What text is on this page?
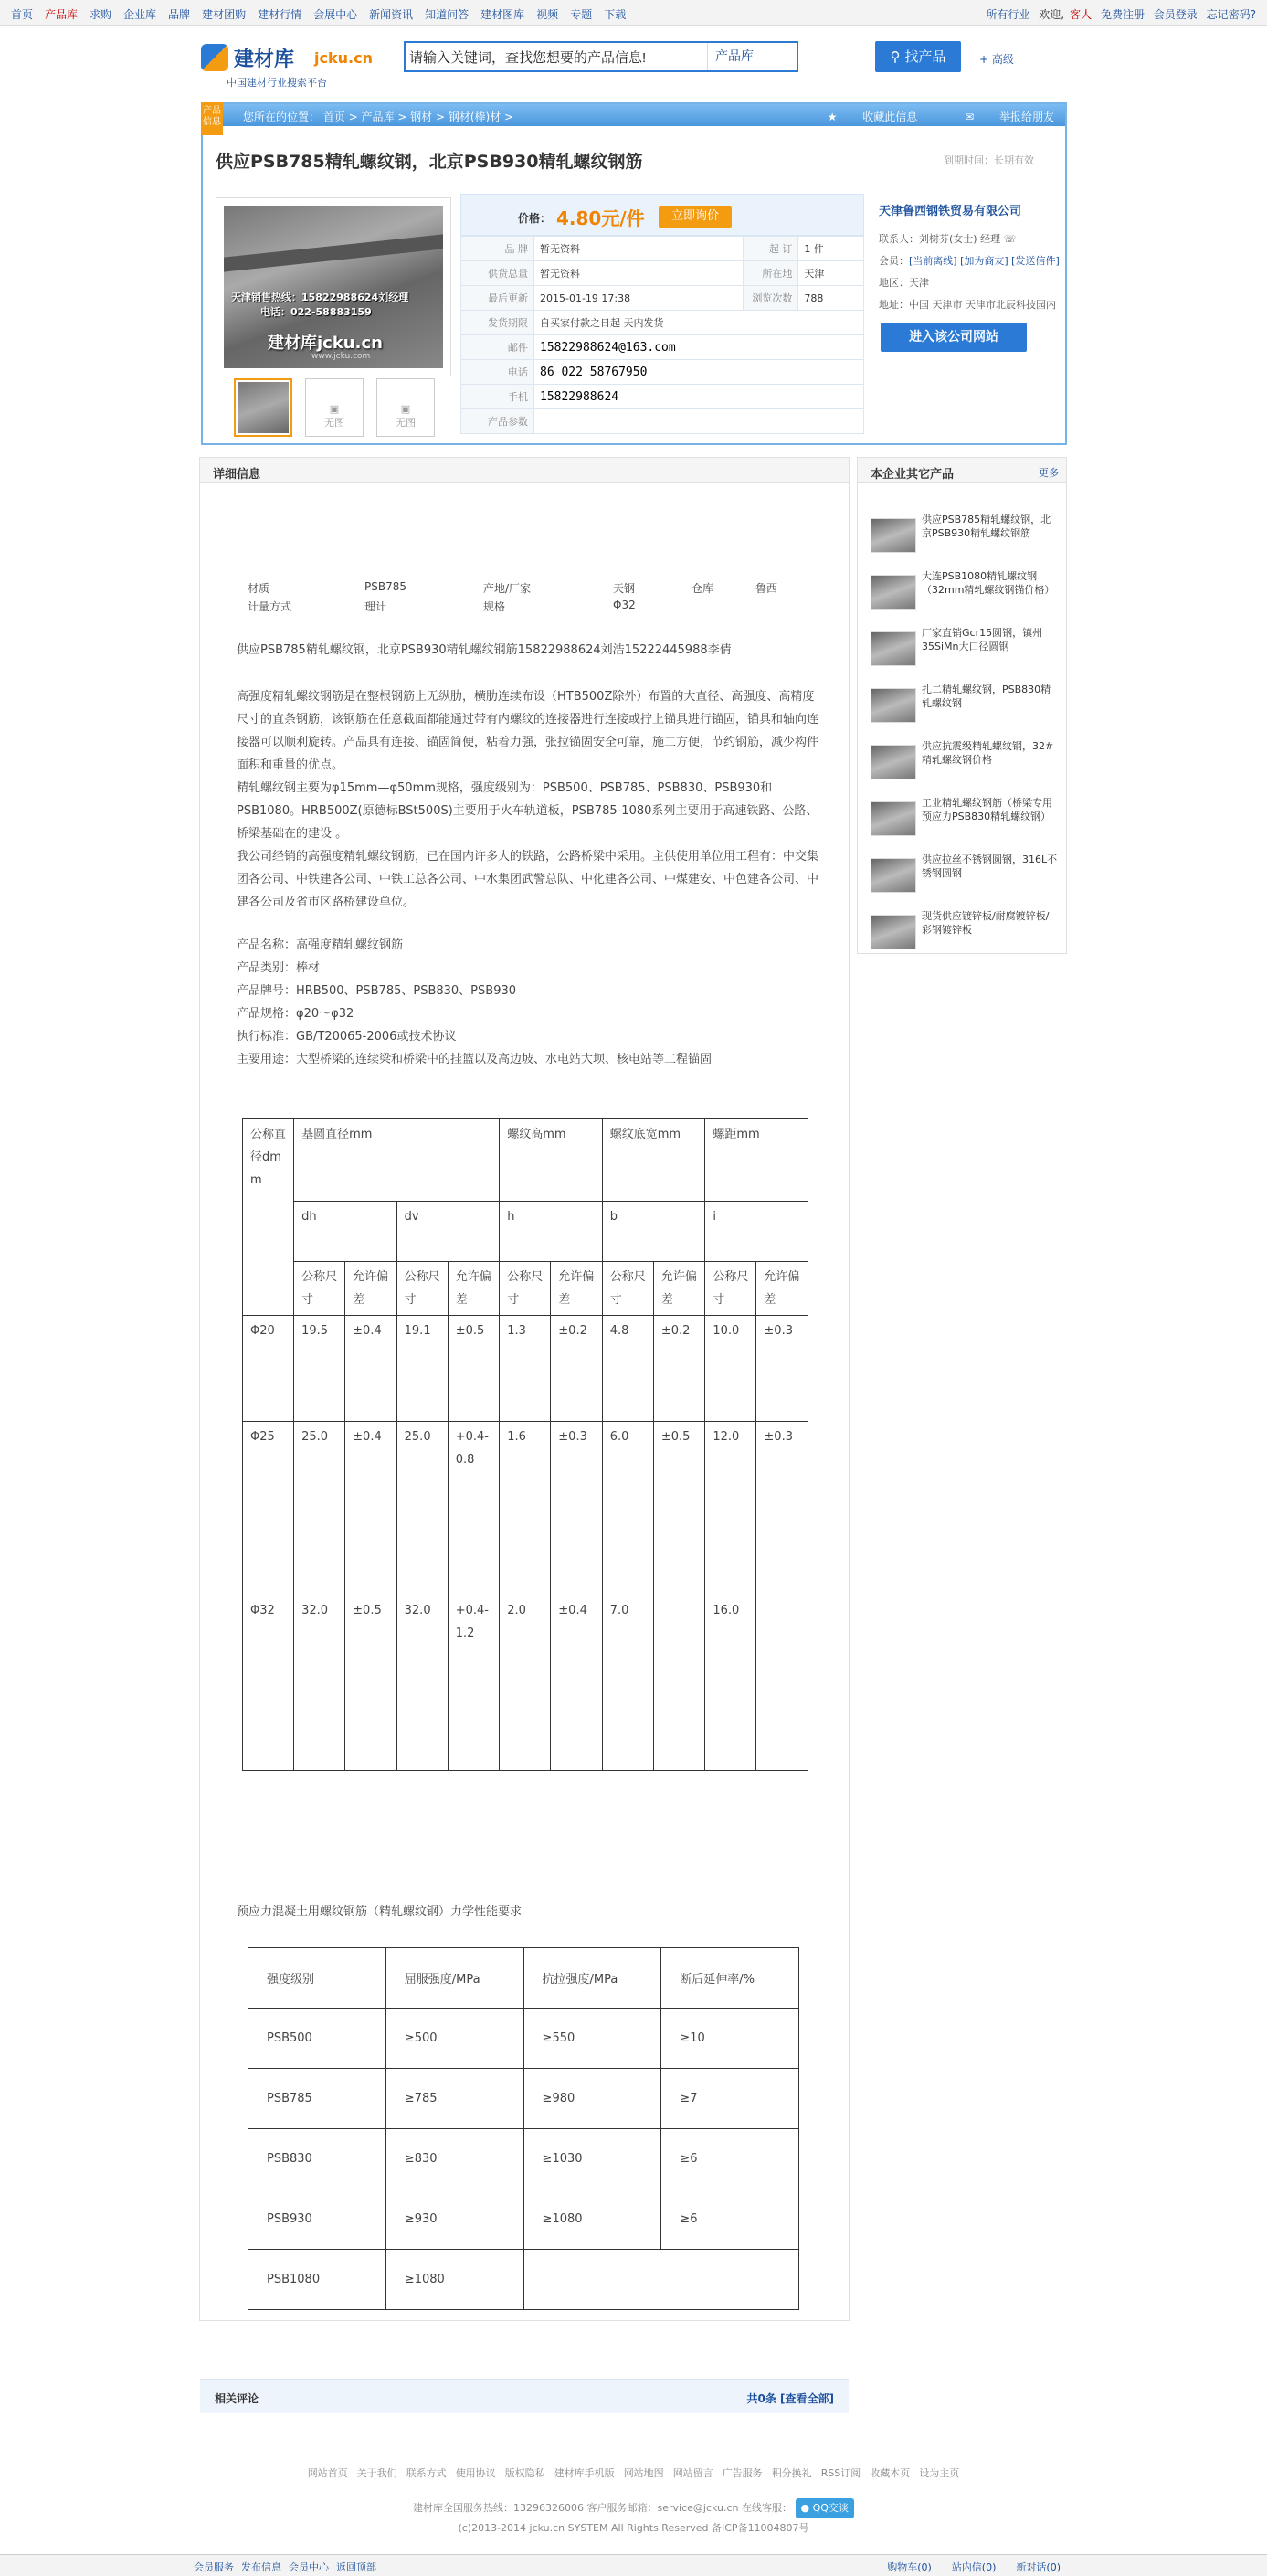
首页 产品库 求购 企业库 品牌 建材团购 建材行情 会展中心 新闻资讯 知道问答 建材图库 视频 专题 下载	所有行业 欢迎, 客人 免费注册 会员登录 忘记密码?
建材库 jcku.cn
中国建材行业搜索平台
请输入关键词，查找您想要的产品信息!
产品库	⚲ 找产品	+ 高级
产品信息 您所在的位置： 首页 > 产品库 > 钢材 > 钢材(棒)材 >	★ 收藏此信息	✉ 举报给朋友
供应PSB785精轧螺纹钢，北京PSB930精轧螺纹钢筋	到期时间：长期有效
天津销售热线：15822988624刘经理
电话：022-58883159
建材库jcku.cn
www.jcku.com
▣
无图
▣
无图
价格： 4.80元/件	立即询价
品 牌	暂无资料	起 订	1 件
供货总量	暂无资料	所在地	天津
最后更新	2015-01-19 17:38	浏览次数	788
发货期限	自买家付款之日起 天内发货		
邮件	15822988624@163.com		
电话	86 022 58767950		
手机	15822988624		
产品参数			
天津鲁西钢铁贸易有限公司
联系人：刘树芬(女士) 经理 ☏
会员：[当前离线] [加为商友] [发送信件]
地区：天津
地址：中国 天津市 天津市北辰科技园内
进入该公司网站
详细信息
材质	PSB785	产地/厂家	天钢	仓库	鲁西
计量方式	理计	规格	Φ32

供应PSB785精轧螺纹钢，北京PSB930精轧螺纹钢筋15822988624刘浩15222445988李倩

高强度精轧螺纹钢筋是在整根钢筋上无纵肋，横肋连续布设（HTB500Z除外）布置的大直径、高强度、高精度尺寸的直条钢筋，该钢筋在任意截面都能通过带有内螺纹的连接器进行连接或拧上锚具进行锚固，锚具和轴向连接器可以顺利旋转。产品具有连接、锚固简便，粘着力强，张拉锚固安全可靠，施工方便，节约钢筋，减少构件面积和重量的优点。

精轧螺纹钢主要为φ15mm—φ50mm规格，强度级别为：PSB500、PSB785、PSB830、PSB930和PSB1080。HRB500Z(原德标BSt500S)主要用于火车轨道板，PSB785-1080系列主要用于高速铁路、公路、桥梁基础在的建设 。

我公司经销的高强度精轧螺纹钢筋，已在国内许多大的铁路，公路桥梁中采用。主供使用单位用工程有：中交集团各公司、中铁建各公司、中铁工总各公司、中水集团武警总队、中化建各公司、中煤建安、中色建各公司、中建各公司及省市区路桥建设单位。

产品名称：高强度精轧螺纹钢筋

产品类别：棒材

产品牌号：HRB500、PSB785、PSB830、PSB930

产品规格：φ20～φ32

执行标准：GB/T20065-2006或技术协议

主要用途：大型桥梁的连续梁和桥梁中的挂篮以及高边坡、水电站大坝、核电站等工程锚固

公称直径dmm	基圆直径mm				螺纹高mm		螺纹底宽mm		螺距mm	
	dh		dv		h		b		i	
	公称尺寸	允许偏差	公称尺寸	允许偏差	公称尺寸	允许偏差	公称尺寸	允许偏差	公称尺寸	允许偏差
Φ20	19.5	±0.4	19.1	±0.5	1.3	±0.2	4.8	±0.2	10.0	±0.3
Φ25	25.0	±0.4	25.0	+0.4-0.8	1.6	±0.3	6.0	±0.5	12.0	±0.3
Φ32	32.0	±0.5	32.0	+0.4-1.2	2.0	±0.4	7.0		16.0	
预应力混凝土用螺纹钢筋（精轧螺纹钢）力学性能要求
强度级别	屈服强度/MPa	抗拉强度/MPa	断后延伸率/%
PSB500	≥500	≥550	≥10
PSB785	≥785	≥980	≥7
PSB830	≥830	≥1030	≥6
PSB930	≥930	≥1080	≥6
PSB1080	≥1080		
相关评论	共0条 [查看全部]
本企业其它产品	更多
供应PSB785精轧螺纹钢，北京PSB930精轧螺纹钢筋
大连PSB1080精轧螺纹钢（32mm精轧螺纹钢锚价格）
厂家直销Gcr15圆钢，镇州35SiMn大口径圆钢
扎二精轧螺纹钢，PSB830精轧螺纹钢
供应抗震级精轧螺纹钢，32#精轧螺纹钢价格
工业精轧螺纹钢筋（桥梁专用预应力PSB830精轧螺纹钢）
供应拉丝不锈钢圆钢，316L不锈钢圆钢
现货供应镀锌板/耐腐镀锌板/彩钢镀锌板
网站首页 关于我们 联系方式 使用协议 版权隐私 建材库手机版 网站地图 网站留言 广告服务 积分换礼 RSS订阅 收藏本页 设为主页
建材库全国服务热线：13296326006 客户服务邮箱：service@jcku.cn 在线客服： ● QQ交谈
(c)2013-2014 jcku.cn SYSTEM All Rights Reserved 备ICP备11004807号
会员服务 发布信息 会员中心 返回顶部	购物车(0) 站内信(0) 新对话(0)
